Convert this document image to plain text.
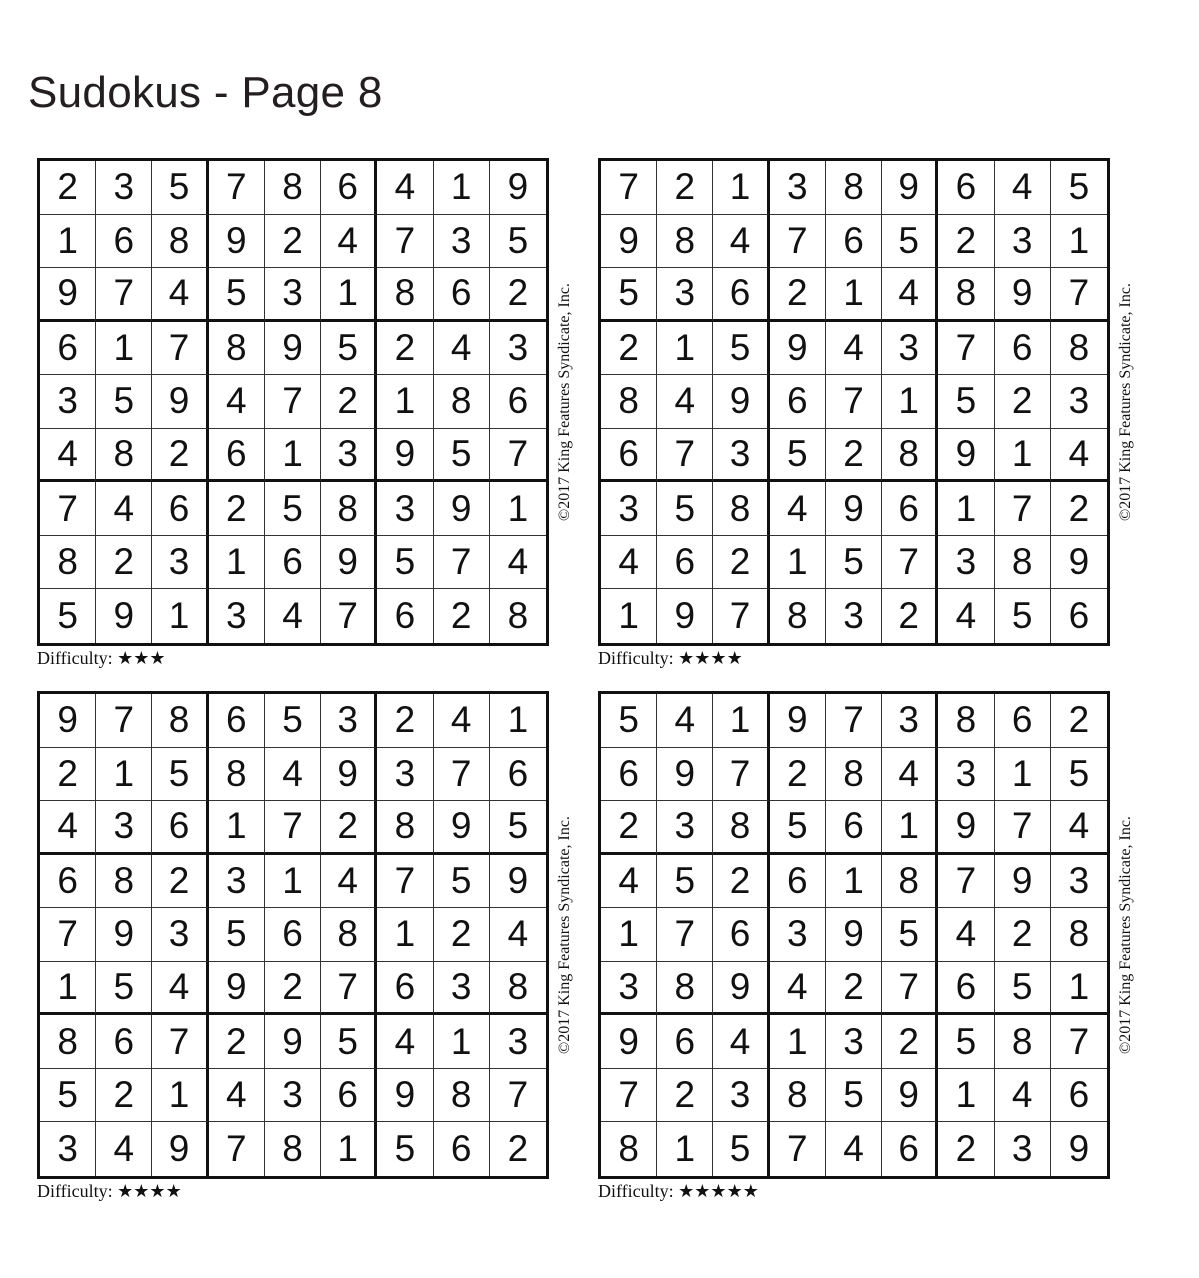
Sudokus - Page 8
2 3 5 7 8 6 4 1 9
1 6 8 9 2 4 7 3 5
9 7 4 5 3 1 8 6 2
6 1 7 8 9 5 2 4 3
3 5 9 4 7 2 1 8 6
4 8 2 6 1 3 9 5 7
7 4 6 2 5 8 3 9 1
8 2 3 1 6 9 5 7 4
5 9 1 3 4 7 6 2 8
Difficulty: ★★★
©2017 King Features Syndicate, Inc.
7 2 1 3 8 9 6 4 5
9 8 4 7 6 5 2 3 1
5 3 6 2 1 4 8 9 7
2 1 5 9 4 3 7 6 8
8 4 9 6 7 1 5 2 3
6 7 3 5 2 8 9 1 4
3 5 8 4 9 6 1 7 2
4 6 2 1 5 7 3 8 9
1 9 7 8 3 2 4 5 6
Difficulty: ★★★★
©2017 King Features Syndicate, Inc.
9 7 8 6 5 3 2 4 1
2 1 5 8 4 9 3 7 6
4 3 6 1 7 2 8 9 5
6 8 2 3 1 4 7 5 9
7 9 3 5 6 8 1 2 4
1 5 4 9 2 7 6 3 8
8 6 7 2 9 5 4 1 3
5 2 1 4 3 6 9 8 7
3 4 9 7 8 1 5 6 2
Difficulty: ★★★★
©2017 King Features Syndicate, Inc.
5 4 1 9 7 3 8 6 2
6 9 7 2 8 4 3 1 5
2 3 8 5 6 1 9 7 4
4 5 2 6 1 8 7 9 3
1 7 6 3 9 5 4 2 8
3 8 9 4 2 7 6 5 1
9 6 4 1 3 2 5 8 7
7 2 3 8 5 9 1 4 6
8 1 5 7 4 6 2 3 9
Difficulty: ★★★★★
©2017 King Features Syndicate, Inc.
